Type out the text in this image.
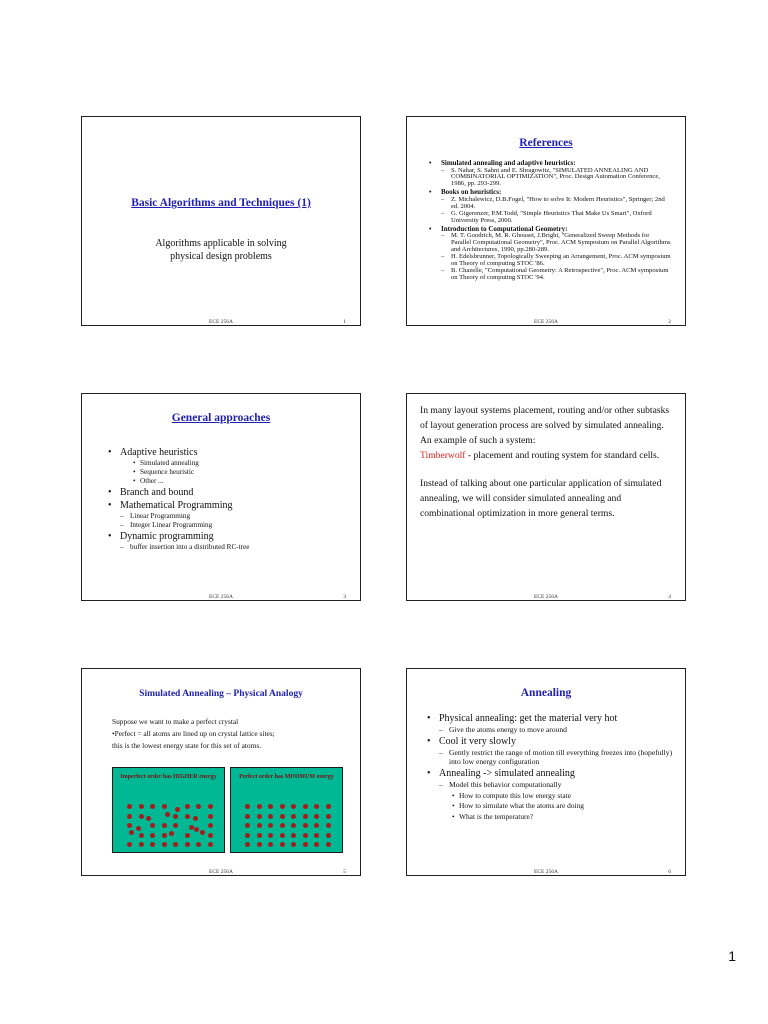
Basic Algorithms and Techniques (1)
Algorithms applicable in solving
physical design problems
ECE 256A	1
References
• Simulated annealing and adaptive heuristics:
– S. Nahar, S. Sahni and E. Shragowitz, "SIMULATED ANNEALING AND COMBINATORIAL OPTIMIZATION", Proc. Design Automation Conference, 1986, pp. 293-299.
• Books on heuristics:
– Z. Michalewicz, D.B.Fogel, "How to solve It: Modern Heuristics", Springer; 2nd ed. 2004.
– G. Gigerenzer, P.M.Todd, "Simple Heuristics That Make Us Smart", Oxford University Press, 2000.
• Introduction to Computational Geometry:
– M. T. Goodrich, M. R. Ghouset, J.Bright, "Generalized Sweep Methods for Parallel Computational Geometry", Proc. ACM Symposium on Parallel Algorithms and Architectures, 1990, pp.280-289.
– H. Edelsbrunner, Topologically Sweeping an Arrangement, Proc. ACM symposium on Theory of computing STOC '86.
– B. Chazelle, "Computational Geometry: A Retrospective", Proc. ACM symposium on Theory of computing STOC '94.
ECE 256A	2
General approaches
• Adaptive heuristics
• Simulated annealing
• Sequence heuristic
• Other ...
• Branch and bound
• Mathematical Programming
– Linear Programming
– Integer Linear Programming
• Dynamic programming
– buffer insertion into a distributed RC-tree
ECE 256A	3
In many layout systems placement, routing and/or other subtasks of layout generation process are solved by simulated annealing.
An example of such a system:
Timberwolf - placement and routing system for standard cells.
Instead of talking about one particular application of simulated annealing, we will consider simulated annealing and combinational optimization in more general terms.
ECE 256A	4
Simulated Annealing – Physical Analogy
Suppose we want to make a perfect crystal
•Perfect = all atoms are lined up on crystal lattice sites;
this is the lowest energy state for this set of atoms.
Imperfect order has HIGHER energy	Perfect order has MINIMUM energy
ECE 256A	5
Annealing
• Physical annealing: get the material very hot
– Give the atoms energy to move around
• Cool it very slowly
– Gently restrict the range of motion till everything freezes into (hopefully) into low energy configuration
• Annealing -> simulated annealing
– Model this behavior computationally
• How to compute this low energy state
• How to simulate what the atoms are doing
• What is the temperature?
ECE 256A	6
1
